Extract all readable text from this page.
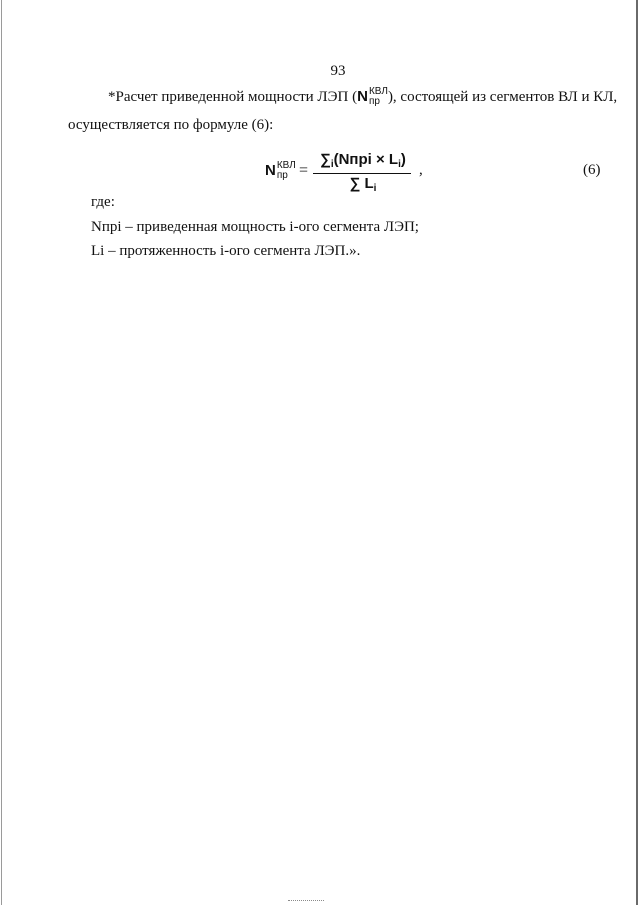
93
*Расчет приведенной мощности ЛЭП (N КВЛ
пр ), состоящей из сегментов ВЛ и КЛ,
осуществляется по формуле (6):
N КВЛ
пр =
$\sum_i(Nпрi \times L_i)$
∑ $L_i$
,	(6)
где:
Nпрi – приведенная мощность i-ого сегмента ЛЭП;
Li – протяженность i-ого сегмента ЛЭП.».
